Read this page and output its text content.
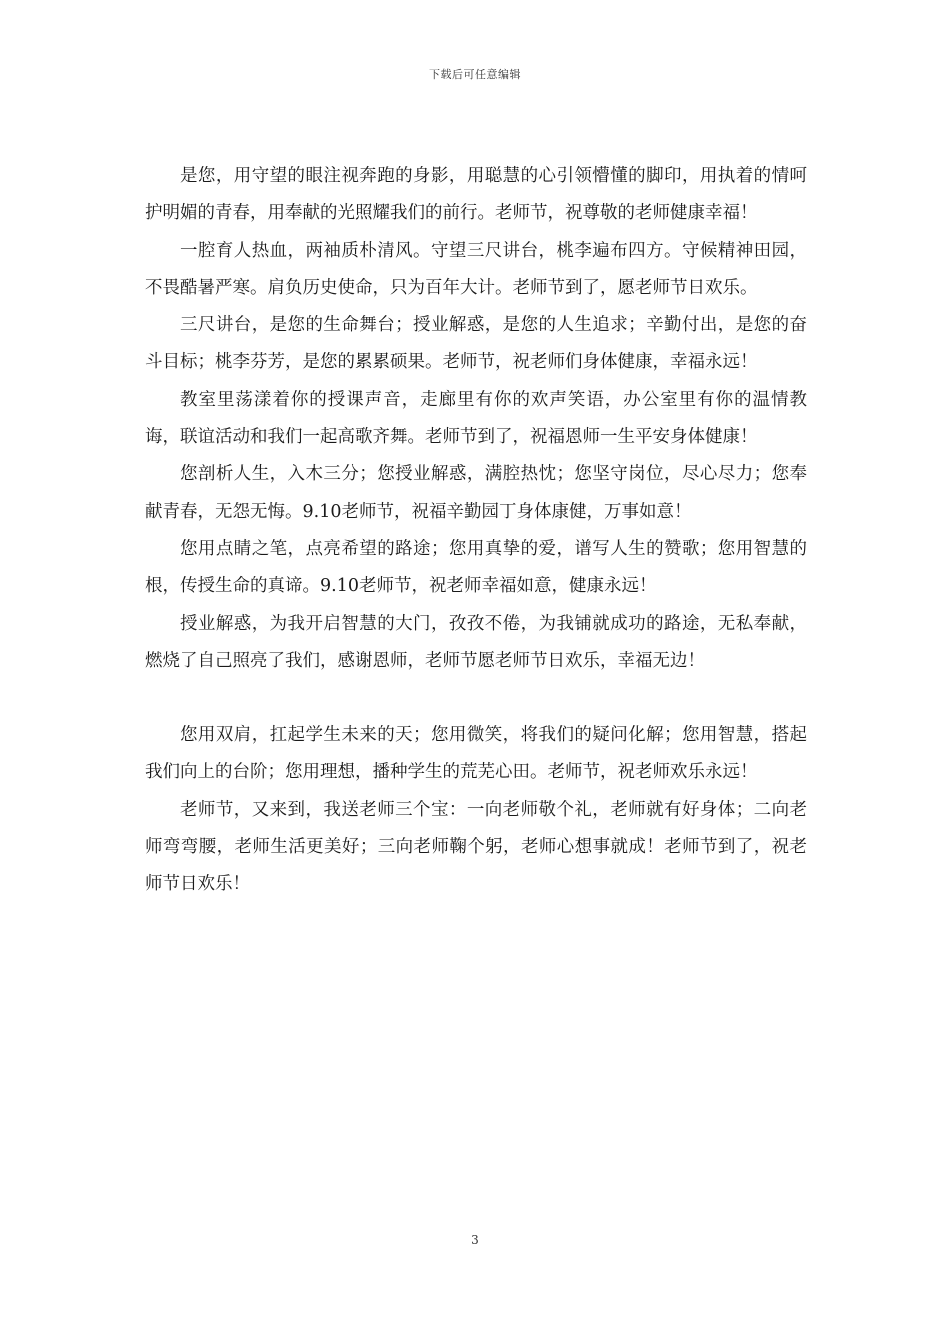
下载后可任意编辑

是您，用守望的眼注视奔跑的身影，用聪慧的心引领懵懂的脚印，用执着的情呵护明媚的青春，用奉献的光照耀我们的前行。老师节，祝尊敬的老师健康幸福！

一腔育人热血，两袖质朴清风。守望三尺讲台，桃李遍布四方。守候精神田园，不畏酷暑严寒。肩负历史使命，只为百年大计。老师节到了，愿老师节日欢乐。

三尺讲台，是您的生命舞台；授业解惑，是您的人生追求；辛勤付出，是您的奋斗目标；桃李芬芳，是您的累累硕果。老师节，祝老师们身体健康，幸福永远！

教室里荡漾着你的授课声音，走廊里有你的欢声笑语，办公室里有你的温情教诲，联谊活动和我们一起高歌齐舞。老师节到了，祝福恩师一生平安身体健康！

您剖析人生，入木三分；您授业解惑，满腔热忱；您坚守岗位，尽心尽力；您奉献青春，无怨无悔。9.10老师节，祝福辛勤园丁身体康健，万事如意！

您用点睛之笔，点亮希望的路途；您用真挚的爱，谱写人生的赞歌；您用智慧的根，传授生命的真谛。9.10老师节，祝老师幸福如意，健康永远！

授业解惑，为我开启智慧的大门，孜孜不倦，为我铺就成功的路途，无私奉献，燃烧了自己照亮了我们，感谢恩师，老师节愿老师节日欢乐，幸福无边！

您用双肩，扛起学生未来的天；您用微笑，将我们的疑问化解；您用智慧，搭起我们向上的台阶；您用理想，播种学生的荒芜心田。老师节，祝老师欢乐永远！

老师节，又来到，我送老师三个宝：一向老师敬个礼，老师就有好身体；二向老师弯弯腰，老师生活更美好；三向老师鞠个躬，老师心想事就成！老师节到了，祝老师节日欢乐！

3
